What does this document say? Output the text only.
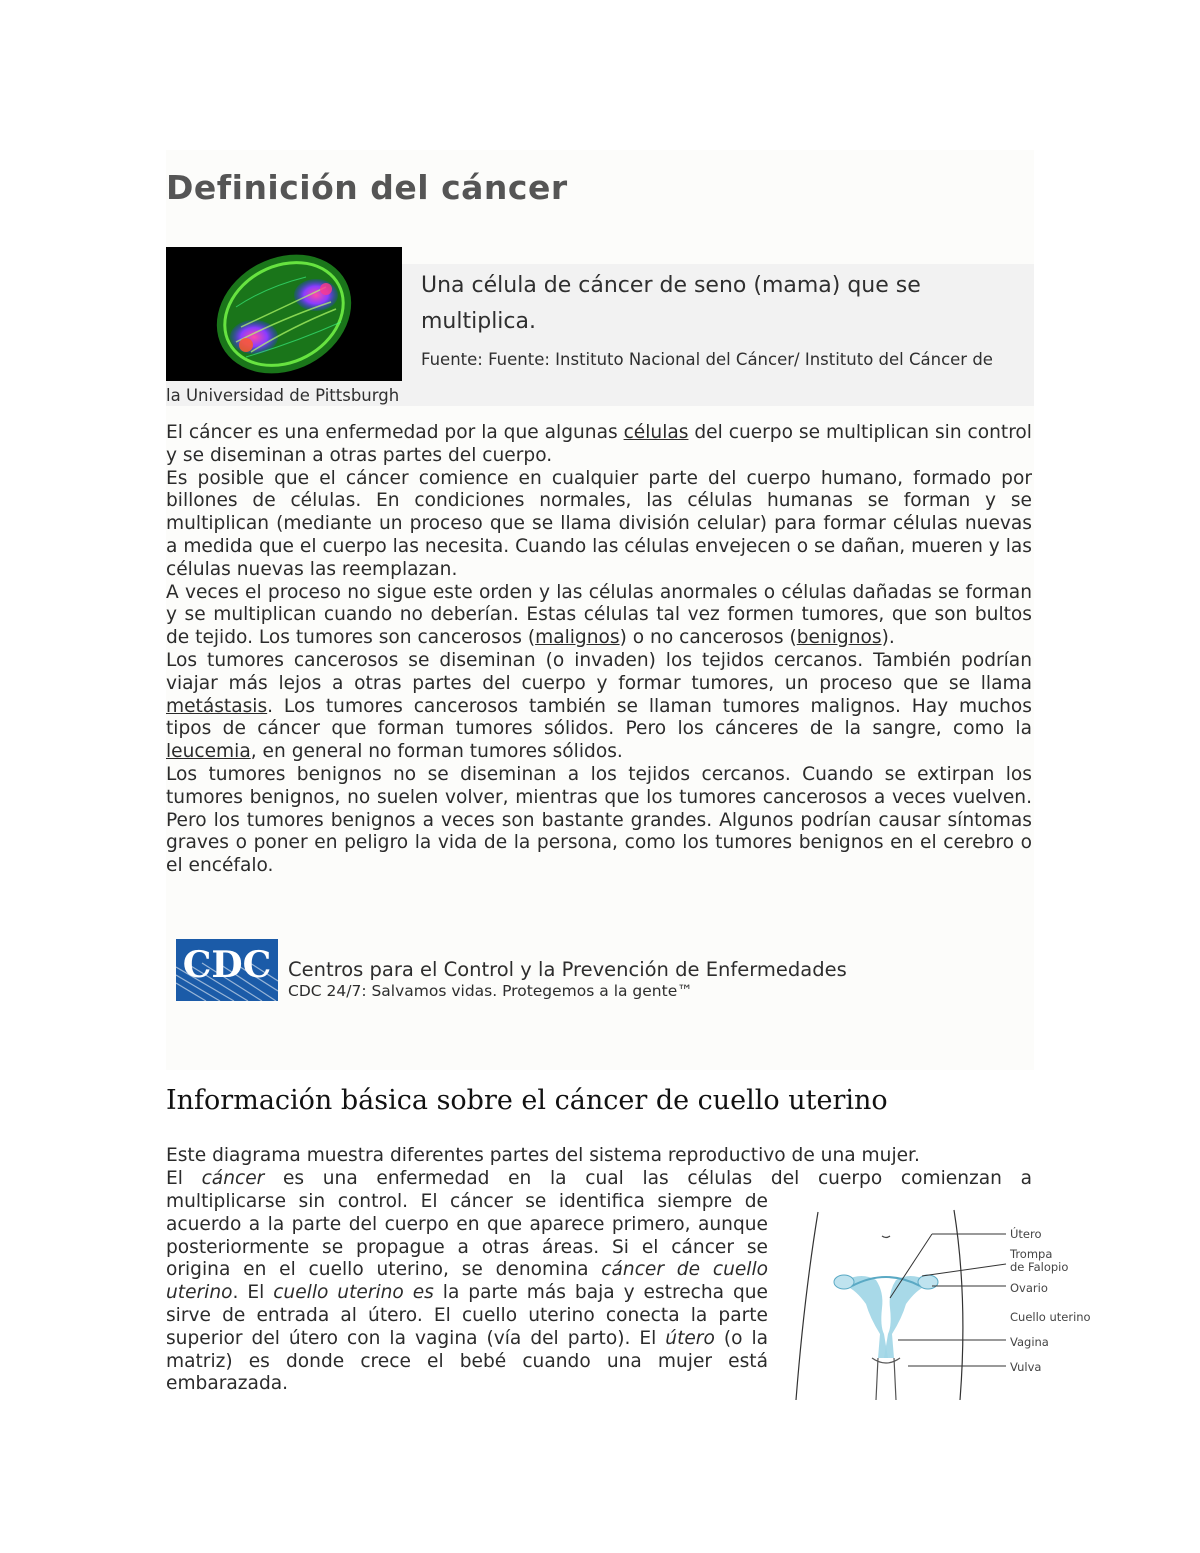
Definición del cáncer

Una célula de cáncer de seno (mama) que se multiplica.

Fuente: Fuente: Instituto Nacional del Cáncer/ Instituto del Cáncer de
la Universidad de Pittsburgh

El cáncer es una enfermedad por la que algunas células del cuerpo se multiplican sin control y se diseminan a otras partes del cuerpo.

Es posible que el cáncer comience en cualquier parte del cuerpo humano, formado por billones de células. En condiciones normales, las células humanas se forman y se multiplican (mediante un proceso que se llama división celular) para formar células nuevas a medida que el cuerpo las necesita. Cuando las células envejecen o se dañan, mueren y las células nuevas las reemplazan.

A veces el proceso no sigue este orden y las células anormales o células dañadas se forman y se multiplican cuando no deberían. Estas células tal vez formen tumores, que son bultos de tejido. Los tumores son cancerosos (malignos) o no cancerosos (benignos).

Los tumores cancerosos se diseminan (o invaden) los tejidos cercanos. También podrían viajar más lejos a otras partes del cuerpo y formar tumores, un proceso que se llama metástasis. Los tumores cancerosos también se llaman tumores malignos. Hay muchos tipos de cáncer que forman tumores sólidos. Pero los cánceres de la sangre, como la leucemia, en general no forman tumores sólidos.

Los tumores benignos no se diseminan a los tejidos cercanos. Cuando se extirpan los tumores benignos, no suelen volver, mientras que los tumores cancerosos a veces vuelven. Pero los tumores benignos a veces son bastante grandes. Algunos podrían causar síntomas graves o poner en peligro la vida de la persona, como los tumores benignos en el cerebro o el encéfalo.

CDC Centros para el Control y la Prevención de Enfermedades
CDC 24/7: Salvamos vidas. Protegemos a la gente™
Información básica sobre el cáncer de cuello uterino

Este diagrama muestra diferentes partes del sistema reproductivo de una mujer.

El cáncer es una enfermedad en la cual las células del cuerpo comienzan a

multiplicarse sin control. El cáncer se identifica siempre de acuerdo a la parte del cuerpo en que aparece primero, aunque posteriormente se propague a otras áreas. Si el cáncer se origina en el cuello uterino, se denomina cáncer de cuello uterino. El cuello uterino es la parte más baja y estrecha que sirve de entrada al útero. El cuello uterino conecta la parte superior del útero con la vagina (vía del parto). El útero (o la matriz) es donde crece el bebé cuando una mujer está embarazada.

Útero
Trompa
de Falopio
Ovario
Cuello uterino
Vagina
Vulva
